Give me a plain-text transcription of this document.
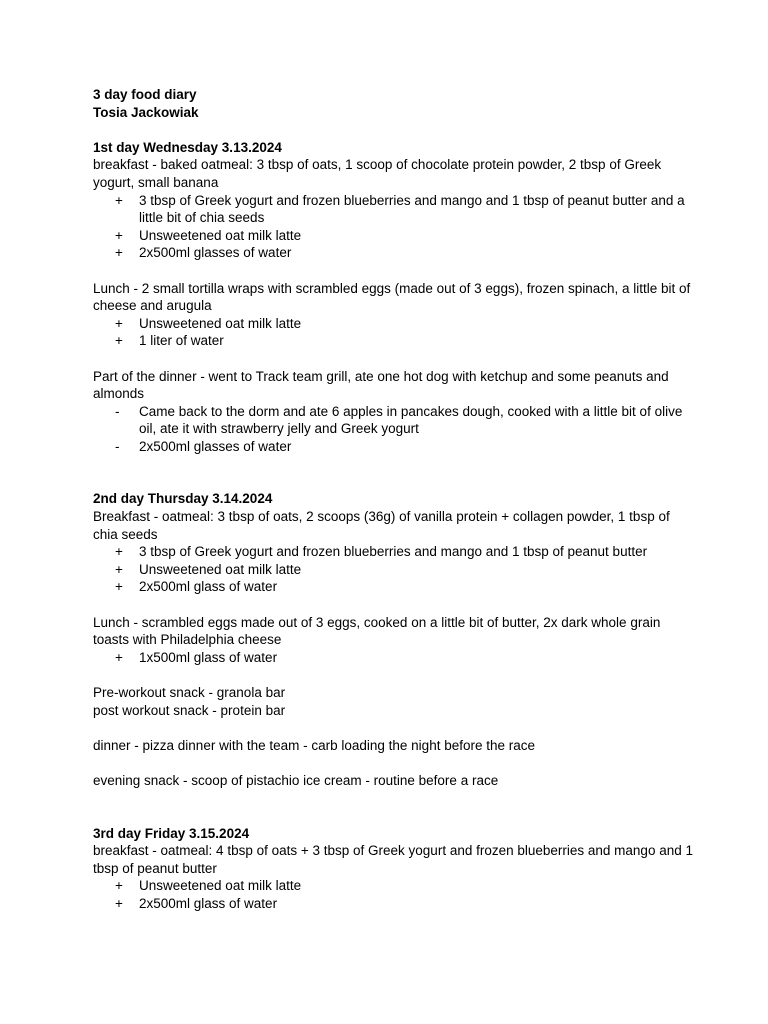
3 day food diary
Tosia Jackowiak
1st day Wednesday 3.13.2024
breakfast - baked oatmeal: 3 tbsp of oats, 1 scoop of chocolate protein powder, 2 tbsp of Greek yogurt, small banana
+ 3 tbsp of Greek yogurt and frozen blueberries and mango and 1 tbsp of peanut butter and a little bit of chia seeds
+ Unsweetened oat milk latte
+ 2x500ml glasses of water
Lunch - 2 small tortilla wraps with scrambled eggs (made out of 3 eggs), frozen spinach, a little bit of cheese and arugula
+ Unsweetened oat milk latte
+ 1 liter of water
Part of the dinner - went to Track team grill, ate one hot dog with ketchup and some peanuts and almonds
- Came back to the dorm and ate 6 apples in pancakes dough, cooked with a little bit of olive oil, ate it with strawberry jelly and Greek yogurt
- 2x500ml glasses of water
2nd day Thursday 3.14.2024
Breakfast - oatmeal: 3 tbsp of oats, 2 scoops (36g) of vanilla protein + collagen powder, 1 tbsp of chia seeds
+ 3 tbsp of Greek yogurt and frozen blueberries and mango and 1 tbsp of peanut butter
+ Unsweetened oat milk latte
+ 2x500ml glass of water
Lunch - scrambled eggs made out of 3 eggs, cooked on a little bit of butter, 2x dark whole grain toasts with Philadelphia cheese
+ 1x500ml glass of water
Pre-workout snack - granola bar
post workout snack - protein bar
dinner - pizza dinner with the team - carb loading the night before the race
evening snack - scoop of pistachio ice cream - routine before a race
3rd day Friday 3.15.2024
breakfast - oatmeal: 4 tbsp of oats + 3 tbsp of Greek yogurt and frozen blueberries and mango and 1 tbsp of peanut butter
+ Unsweetened oat milk latte
+ 2x500ml glass of water
